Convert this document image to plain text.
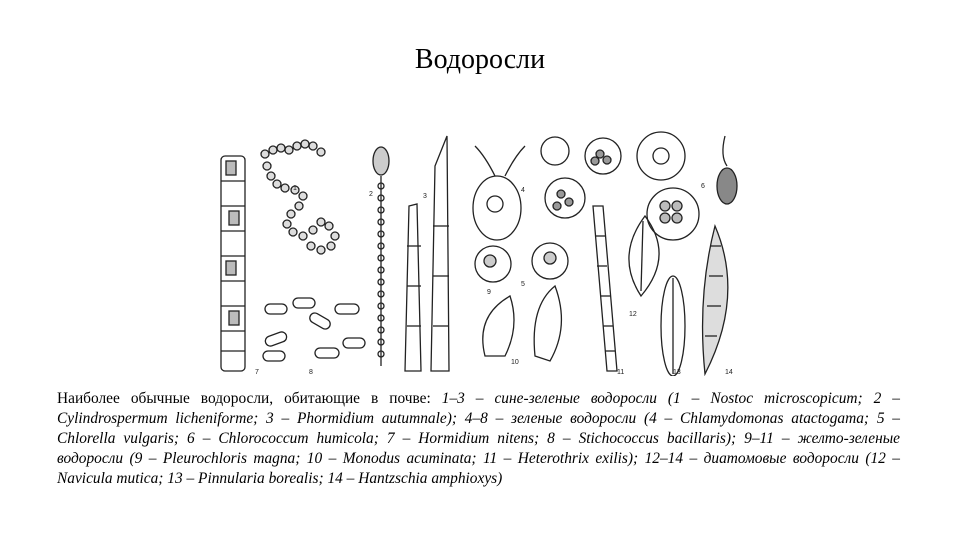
Водоросли
1
2	3
4
5
6
7	8
9
10
11
12
13	14
Наиболее обычные водоросли, обитающие в почве: 1–3 – сине-зеленые водоросли (1 – Nostoc microscopicum; 2 – Cylindrospermum licheniforme; 3 – Phormidium autumnale); 4–8 – зеленые водоросли (4 – Chlamydomonas atactogama; 5 – Chlorella vulgaris; 6 – Chlorococcum humicola; 7 – Hormidium nitens; 8 – Stichococcus bacillaris); 9–11 – желто-зеленые водоросли (9 – Pleurochloris magna; 10 – Monodus acuminata; 11 – Heterothrix exilis); 12–14 – диатомовые водоросли (12 – Navicula mutica; 13 – Pinnularia borealis; 14 – Hantzschia amphioxys)
